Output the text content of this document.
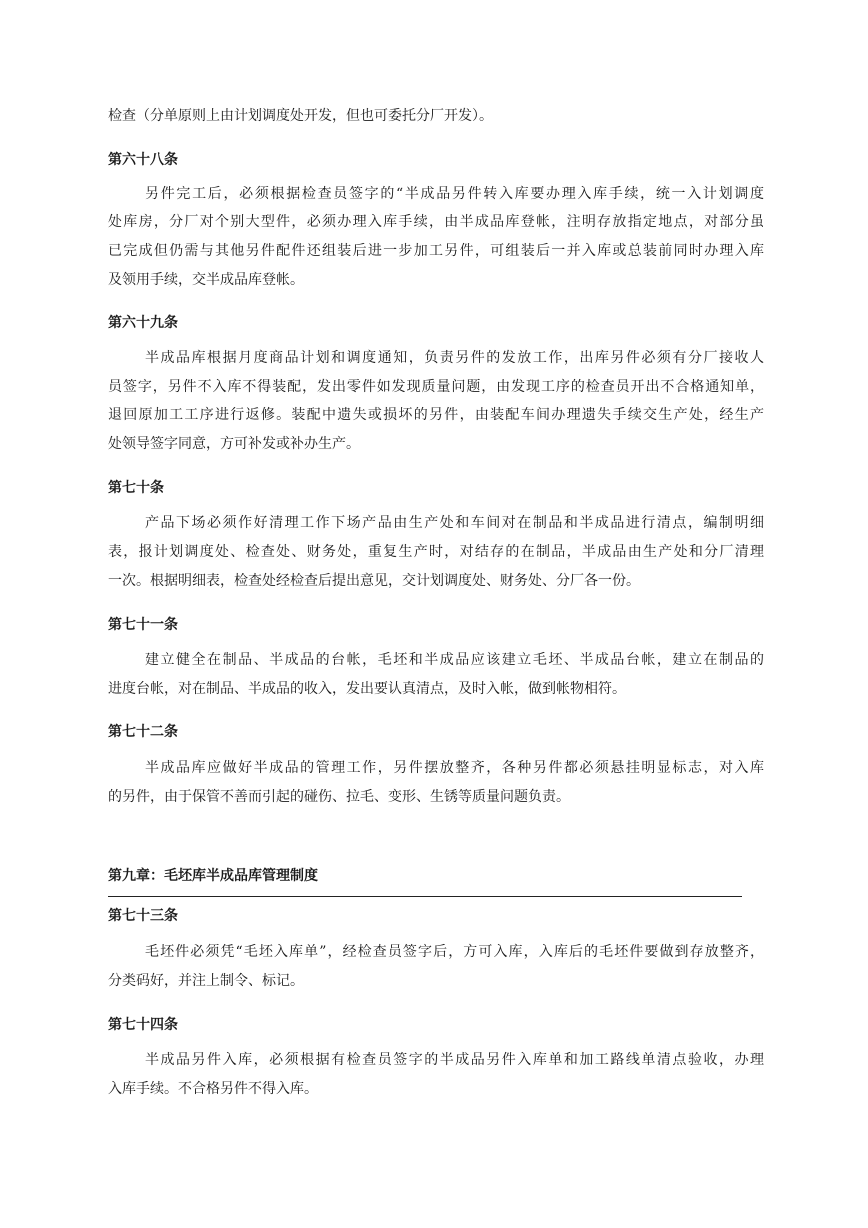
检查（分单原则上由计划调度处开发，但也可委托分厂开发）。
第六十八条
另件完工后，必须根据检查员签字的“半成品另件转入库要办理入库手续，统一入计划调度
处库房，分厂对个别大型件，必须办理入库手续，由半成品库登帐，注明存放指定地点，对部分虽
已完成但仍需与其他另件配件还组装后进一步加工另件，可组装后一并入库或总装前同时办理入库
及领用手续，交半成品库登帐。
第六十九条
半成品库根据月度商品计划和调度通知，负责另件的发放工作，出库另件必须有分厂接收人
员签字，另件不入库不得装配，发出零件如发现质量问题，由发现工序的检查员开出不合格通知单，
退回原加工工序进行返修。装配中遗失或损坏的另件，由装配车间办理遗失手续交生产处，经生产
处领导签字同意，方可补发或补办生产。
第七十条
产品下场必须作好清理工作下场产品由生产处和车间对在制品和半成品进行清点，编制明细
表，报计划调度处、检查处、财务处，重复生产时，对结存的在制品，半成品由生产处和分厂清理
一次。根据明细表，检查处经检查后提出意见，交计划调度处、财务处、分厂各一份。
第七十一条
建立健全在制品、半成品的台帐，毛坯和半成品应该建立毛坯、半成品台帐，建立在制品的
进度台帐，对在制品、半成品的收入，发出要认真清点，及时入帐，做到帐物相符。
第七十二条
半成品库应做好半成品的管理工作，另件摆放整齐，各种另件都必须悬挂明显标志，对入库
的另件，由于保管不善而引起的碰伤、拉毛、变形、生锈等质量问题负责。
第九章：毛坯库半成品库管理制度
第七十三条
毛坯件必须凭“毛坯入库单”，经检查员签字后，方可入库，入库后的毛坯件要做到存放整齐，
分类码好，并注上制令、标记。
第七十四条
半成品另件入库，必须根据有检查员签字的半成品另件入库单和加工路线单清点验收，办理
入库手续。不合格另件不得入库。
